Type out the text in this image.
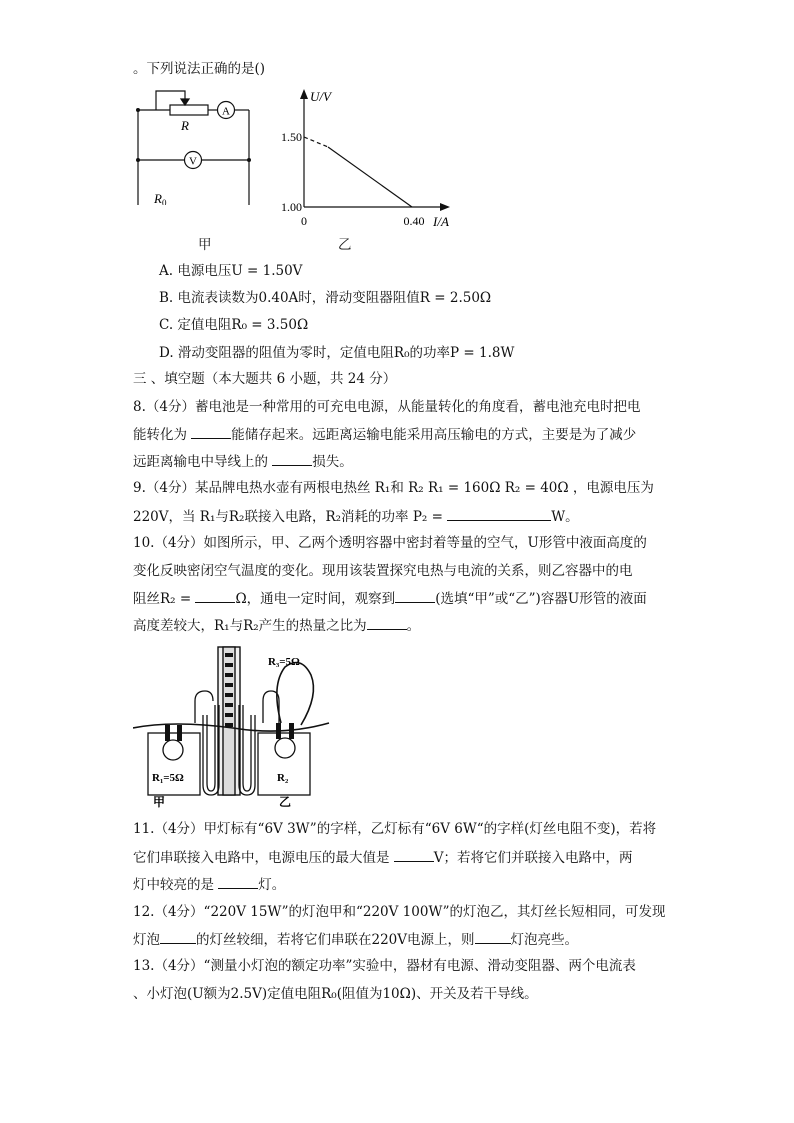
。下列说法正确的是()
R
A
V
$R_0$
甲
U/V
I/A
1.50
1.00
0	0.40
乙
A. 电源电压U = 1.50V
B. 电流表读数为0.40A时，滑动变阻器阻值R = 2.50Ω
C. 定值电阻R₀ = 3.50Ω
D. 滑动变阻器的阻值为零时，定值电阻R₀的功率P = 1.8W
三 、填空题（本大题共 6 小题，共 24 分）
8.（4分）蓄电池是一种常用的可充电电源，从能量转化的角度看，蓄电池充电时把电
能转化为	能储存起来。远距离运输电能采用高压输电的方式，主要是为了减少
远距离输电中导线上的	损失。
9.（4分）某品牌电热水壶有两根电热丝 R₁和 R₂ R₁ = 160Ω R₂ = 40Ω ，电源电压为
220V，当 R₁与R₂联接入电路，R₂消耗的功率 P₂ =	W。
10.（4分）如图所示，甲、乙两个透明容器中密封着等量的空气，U形管中液面高度的
变化反映密闭空气温度的变化。现用该装置探究电热与电流的关系，则乙容器中的电
阻丝R₂ =	Ω，通电一定时间，观察到	(选填“甲”或“乙”)容器U形管的液面
高度差较大，R₁与R₂产生的热量之比为	。
R₃=5Ω
R₁=5Ω	R₂
甲	乙
11.（4分）甲灯标有“6V 3W”的字样，乙灯标有“6V 6W“的字样(灯丝电阻不变)，若将
它们串联接入电路中，电源电压的最大值是	V；若将它们并联接入电路中，两
灯中较亮的是	灯。
12.（4分）“220V 15W”的灯泡甲和“220V 100W”的灯泡乙，其灯丝长短相同，可发现
灯泡	的灯丝较细，若将它们串联在220V电源上，则	灯泡亮些。
13.（4分）“测量小灯泡的额定功率”实验中，器材有电源、滑动变阻器、两个电流表
、小灯泡(U额为2.5V)定值电阻R₀(阻值为10Ω)、开关及若干导线。
